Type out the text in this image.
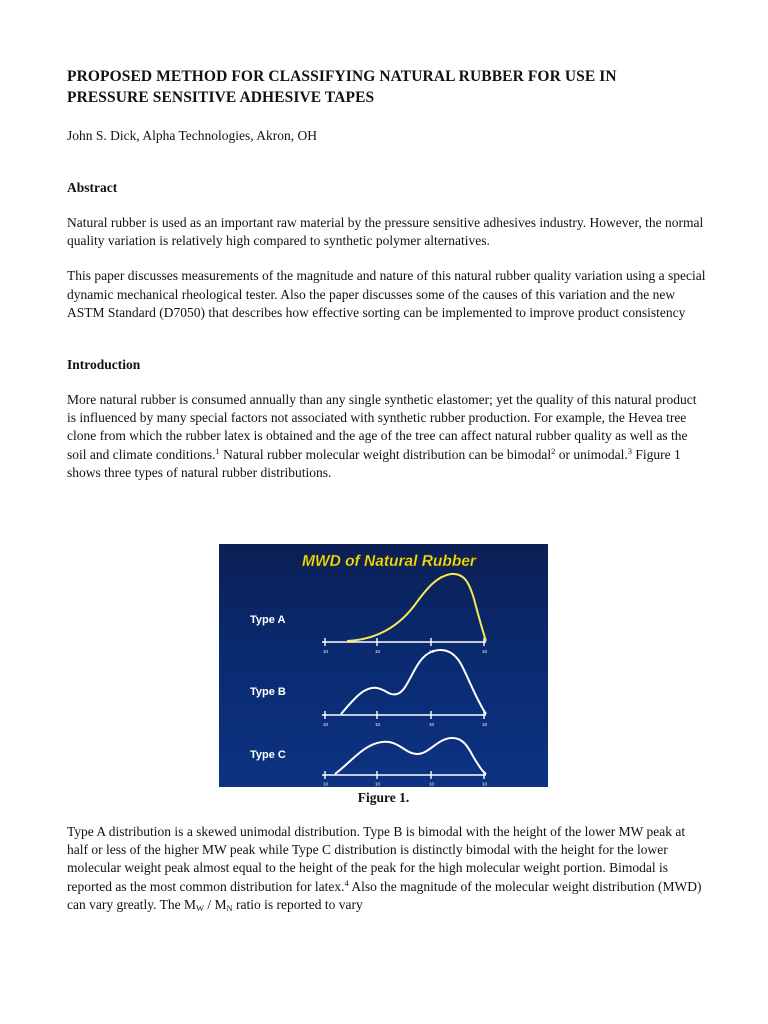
PROPOSED METHOD FOR CLASSIFYING NATURAL RUBBER FOR USE IN
PRESSURE SENSITIVE ADHESIVE TAPES
John S. Dick, Alpha Technologies, Akron, OH
Abstract

Natural rubber is used as an important raw material by the pressure sensitive adhesives industry. However, the normal quality variation is relatively high compared to synthetic polymer alternatives.

This paper discusses measurements of the magnitude and nature of this natural rubber quality variation using a special dynamic mechanical rheological tester. Also the paper discusses some of the causes of this variation and the new ASTM Standard (D7050) that describes how effective sorting can be implemented to improve product consistency

Introduction

More natural rubber is consumed annually than any single synthetic elastomer; yet the quality of this natural product is influenced by many special factors not associated with synthetic rubber production. For example, the Hevea tree clone from which the rubber latex is obtained and the age of the tree can affect natural rubber quality as well as the soil and climate conditions.$^1$ Natural rubber molecular weight distribution can be bimodal$^2$ or unimodal.$^3$ Figure 1 shows three types of natural rubber distributions.

MWD of Natural Rubber
Type A
Type B
Type C
10	10	10	10
10	10	10	10
10	10	10	10
Figure 1.

Type A distribution is a skewed unimodal distribution. Type B is bimodal with the height of the lower MW peak at half or less of the higher MW peak while Type C distribution is distinctly bimodal with the height for the lower molecular weight peak almost equal to the height of the peak for the high molecular weight portion. Bimodal is reported as the most common distribution for latex.$^4$ Also the magnitude of the molecular weight distribution (MWD) can vary greatly. The $M_W / M_N$ ratio is reported to vary
